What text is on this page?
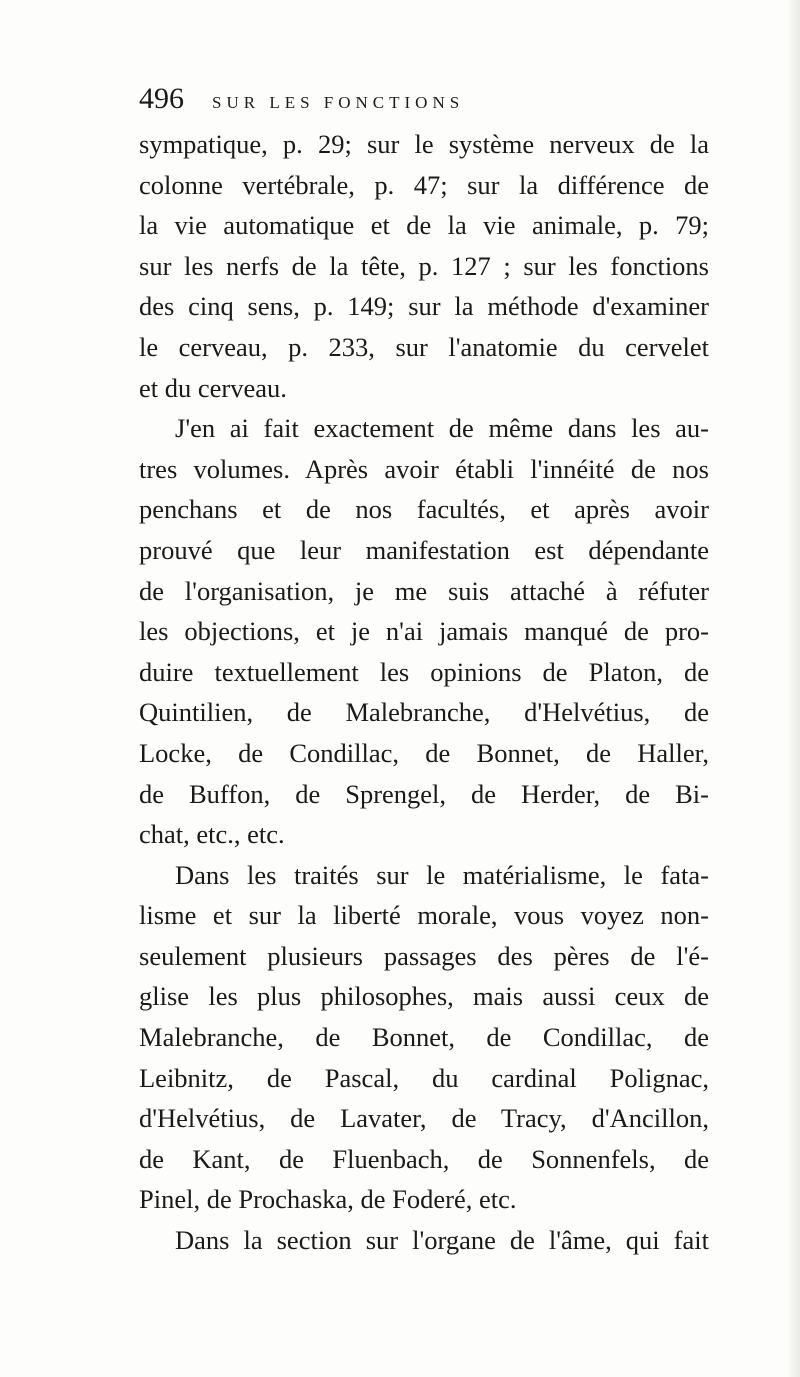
496 SUR LES FONCTIONS
sympatique, p. 29; sur le système nerveux de la
colonne vertébrale, p. 47; sur la différence de
la vie automatique et de la vie animale, p. 79;
sur les nerfs de la tête, p. 127 ; sur les fonctions
des cinq sens, p. 149; sur la méthode d'examiner
le cerveau, p. 233, sur l'anatomie du cervelet
et du cerveau.
J'en ai fait exactement de même dans les au-
tres volumes. Après avoir établi l'innéité de nos
penchans et de nos facultés, et après avoir
prouvé que leur manifestation est dépendante
de l'organisation, je me suis attaché à réfuter
les objections, et je n'ai jamais manqué de pro-
duire textuellement les opinions de Platon, de
Quintilien, de Malebranche, d'Helvétius, de
Locke, de Condillac, de Bonnet, de Haller,
de Buffon, de Sprengel, de Herder, de Bi-
chat, etc., etc.
Dans les traités sur le matérialisme, le fata-
lisme et sur la liberté morale, vous voyez non-
seulement plusieurs passages des pères de l'é-
glise les plus philosophes, mais aussi ceux de
Malebranche, de Bonnet, de Condillac, de
Leibnitz, de Pascal, du cardinal Polignac,
d'Helvétius, de Lavater, de Tracy, d'Ancillon,
de Kant, de Fluenbach, de Sonnenfels, de
Pinel, de Prochaska, de Foderé, etc.
Dans la section sur l'organe de l'âme, qui fait
